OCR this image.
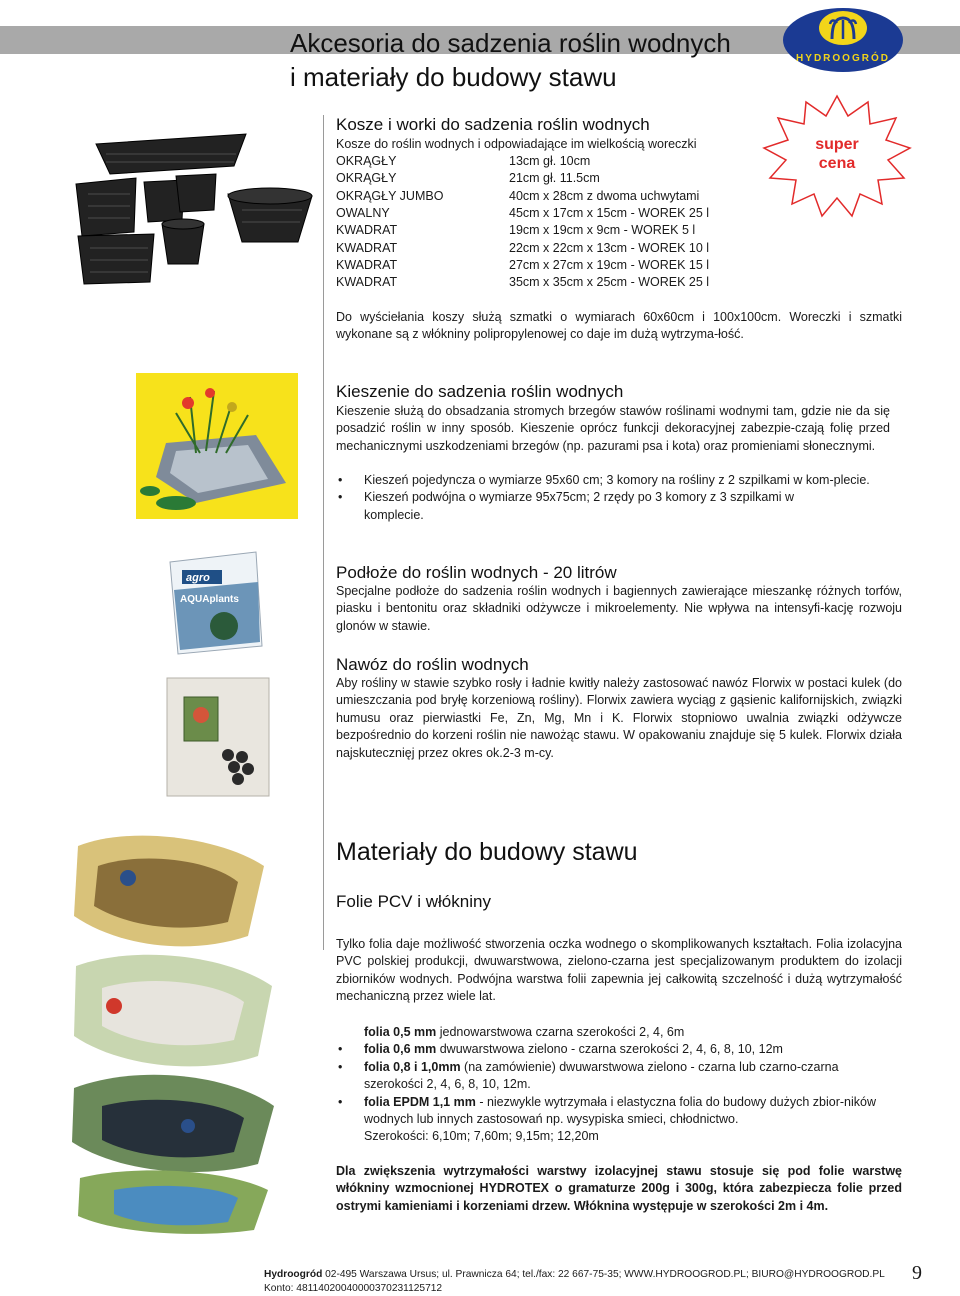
Akcesoria do sadzenia roślin wodnych
i materiały do budowy stawu
HYDROOGRÓD
super
cena
Kosze i worki do sadzenia roślin wodnych
Kosze do roślin wodnych i odpowiadające im wielkością woreczki
OKRĄGŁY	13cm gł. 10cm
OKRĄGŁY	21cm gł. 11.5cm
OKRĄGŁY JUMBO	40cm x 28cm z dwoma uchwytami
OWALNY	45cm x 17cm x 15cm - WOREK 25 l
KWADRAT	19cm x 19cm x 9cm - WOREK 5 l
KWADRAT	22cm x 22cm x 13cm - WOREK 10 l
KWADRAT	27cm x 27cm x 19cm - WOREK 15 l
KWADRAT	35cm x 35cm x 25cm - WOREK 25 l
Do wyściełania koszy służą szmatki o wymiarach 60x60cm i 100x100cm. Woreczki i szmatki wykonane są z włókniny polipropylenowej co daje im dużą wytrzyma-łość.
Kieszenie do sadzenia roślin wodnych
Kieszenie służą do obsadzania stromych brzegów stawów roślinami wodnymi tam, gdzie nie da się posadzić roślin w inny sposób. Kieszenie oprócz funkcji dekoracyjnej zabezpie-czają folię przed mechanicznymi uszkodzeniami brzegów (np. pazurami psa i kota) oraz promieniami słonecznymi.
• Kieszeń pojedyncza o wymiarze 95x60 cm; 3 komory na rośliny z 2 szpilkami w kom-plecie.
• Kieszeń podwójna o wymiarze 95x75cm; 2 rzędy po 3 komory z 3 szpilkami w komplecie.
agro
AQUAplants
Podłoże do roślin wodnych - 20 litrów
Specjalne podłoże do sadzenia roślin wodnych i bagiennych zawierające mieszankę różnych torfów, piasku i bentonitu oraz składniki odżywcze i mikroelementy. Nie wpływa na intensyfi-kację rozwoju glonów w stawie.
Nawóz do roślin wodnych
Aby rośliny w stawie szybko rosły i ładnie kwitły należy zastosować nawóz Florwix w postaci kulek (do umieszczania pod bryłę korzeniową rośliny). Florwix zawiera wyciąg z gąsienic kalifornijskich, związki humusu oraz pierwiastki Fe, Zn, Mg, Mn i K. Florwix stopniowo uwalnia związki odżywcze bezpośrednio do korzeni roślin nie nawożąc stawu. W opakowaniu znajduje się 5 kulek. Florwix działa najskutecznięj przez okres ok.2-3 m-cy.
Materiały do budowy stawu
Folie PCV i włókniny
Tylko folia daje możliwość stworzenia oczka wodnego o skomplikowanych kształtach. Folia izolacyjna PVC polskiej produkcji, dwuwarstwowa, zielono-czarna jest specjalizowanym produktem do izolacji zbiorników wodnych. Podwójna warstwa folii zapewnia jej całkowitą szczelność i dużą wytrzymałość mechaniczną przez wiele lat.
folia 0,5 mm jednowarstwowa czarna szerokości 2, 4, 6m
• folia 0,6 mm dwuwarstwowa zielono - czarna szerokości 2, 4, 6, 8, 10, 12m
• folia 0,8 i 1,0mm (na zamówienie) dwuwarstwowa zielono - czarna lub czarno-czarna szerokości 2, 4, 6, 8, 10, 12m.
• folia EPDM 1,1 mm - niezwykle wytrzymała i elastyczna folia do budowy dużych zbior-ników wodnych lub innych zastosowań np. wysypiska smieci, chłodnictwo.
Szerokości: 6,10m; 7,60m; 9,15m; 12,20m
Dla zwiększenia wytrzymałości warstwy izolacyjnej stawu stosuje się pod folie warstwę włókniny wzmocnionej HYDROTEX o gramaturze 200g i 300g, która zabezpiecza folie przed ostrymi kamieniami i korzeniami drzew. Włóknina występuje w szerokości 2m i 4m.
Hydroogród 02-495 Warszawa Ursus; ul. Prawnicza 64; tel./fax: 22 667-75-35; WWW.HYDROOGROD.PL; BIURO@HYDROOGROD.PL
Konto: 48114020040000370231125712
9
